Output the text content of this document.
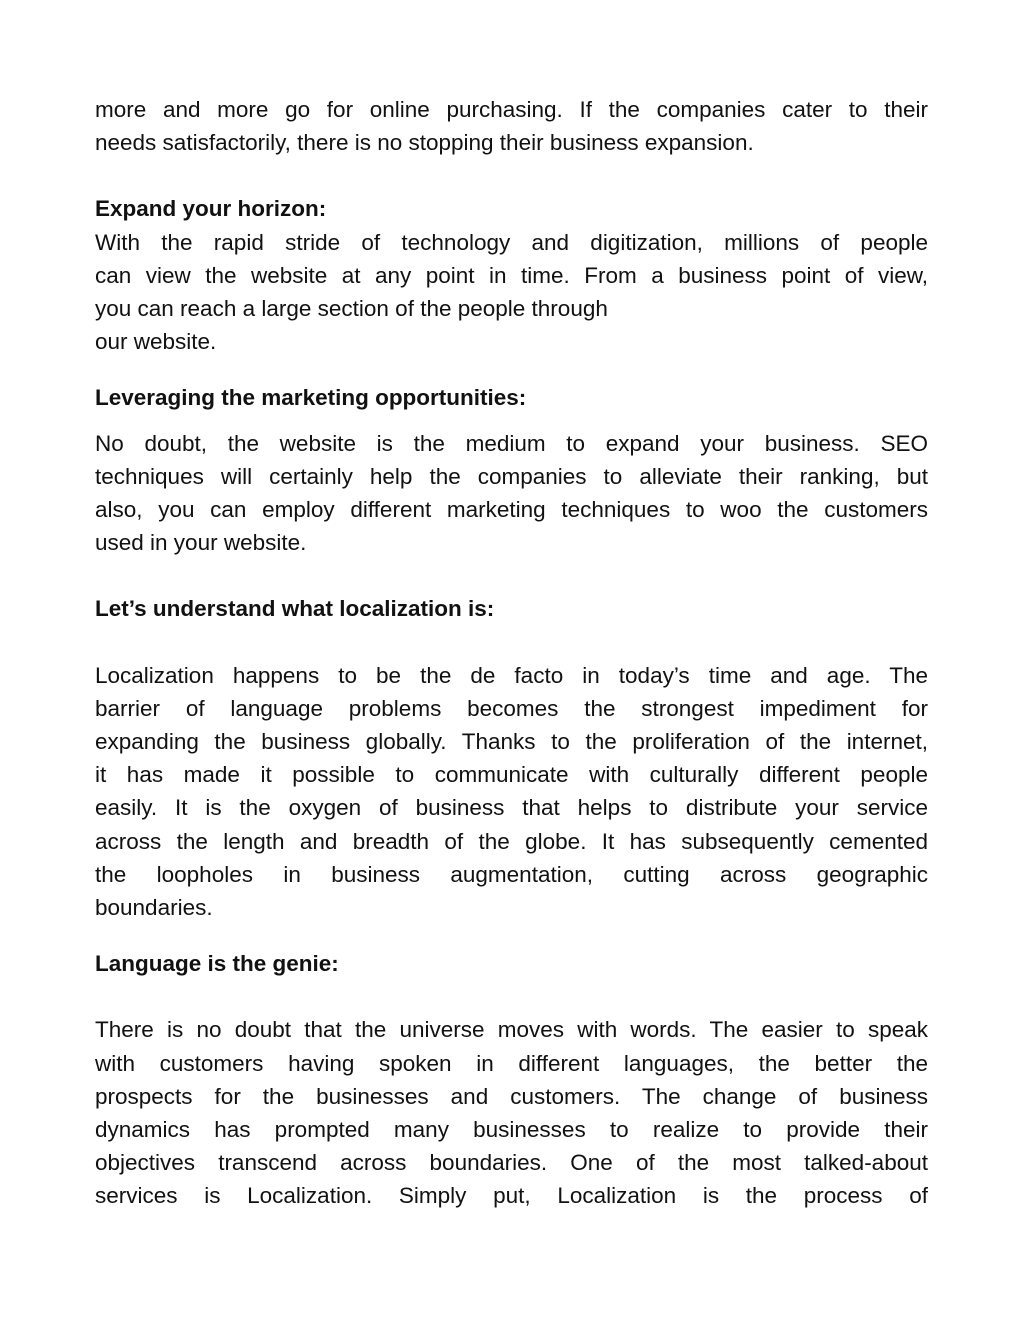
more and more go for online purchasing. If the companies cater to their
needs satisfactorily, there is no stopping their business expansion.

Expand your horizon:

With the rapid stride of technology and digitization, millions of people
can view the website at any point in time. From a business point of view,
you can reach a large section of the people through
our website.

Leveraging the marketing opportunities:

No doubt, the website is the medium to expand your business. SEO
techniques will certainly help the companies to alleviate their ranking, but
also, you can employ different marketing techniques to woo the customers
used in your website.

Let’s understand what localization is:

Localization happens to be the de facto in today’s time and age. The
barrier of language problems becomes the strongest impediment for
expanding the business globally. Thanks to the proliferation of the internet,
it has made it possible to communicate with culturally different people
easily. It is the oxygen of business that helps to distribute your service
across the length and breadth of the globe. It has subsequently cemented
the loopholes in business augmentation, cutting across geographic
boundaries.

Language is the genie:

There is no doubt that the universe moves with words. The easier to speak
with customers having spoken in different languages, the better the
prospects for the businesses and customers. The change of business
dynamics has prompted many businesses to realize to provide their
objectives transcend across boundaries. One of the most talked-about
services is Localization. Simply put, Localization is the process of
